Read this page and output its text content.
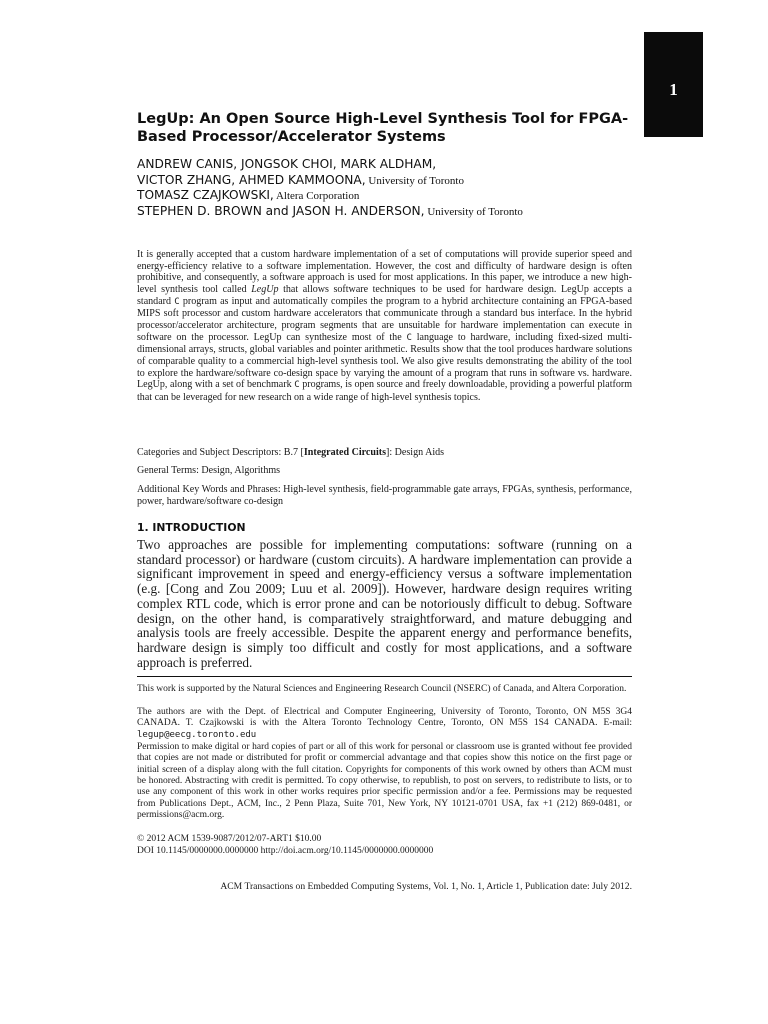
1
LegUp: An Open Source High-Level Synthesis Tool for FPGA-Based Processor/Accelerator Systems
ANDREW CANIS, JONGSOK CHOI, MARK ALDHAM,
VICTOR ZHANG, AHMED KAMMOONA, University of Toronto
TOMASZ CZAJKOWSKI, Altera Corporation
STEPHEN D. BROWN and JASON H. ANDERSON, University of Toronto

It is generally accepted that a custom hardware implementation of a set of computations will provide superior speed and energy-efficiency relative to a software implementation. However, the cost and difficulty of hardware design is often prohibitive, and consequently, a software approach is used for most applications. In this paper, we introduce a new high-level synthesis tool called LegUp that allows software techniques to be used for hardware design. LegUp accepts a standard C program as input and automatically compiles the program to a hybrid architecture containing an FPGA-based MIPS soft processor and custom hardware accelerators that communicate through a standard bus interface. In the hybrid processor/accelerator architecture, program segments that are unsuitable for hardware implementation can execute in software on the processor. LegUp can synthesize most of the C language to hardware, including fixed-sized multi-dimensional arrays, structs, global variables and pointer arithmetic. Results show that the tool produces hardware solutions of comparable quality to a commercial high-level synthesis tool. We also give results demonstrating the ability of the tool to explore the hardware/software co-design space by varying the amount of a program that runs in software vs. hardware. LegUp, along with a set of benchmark C programs, is open source and freely downloadable, providing a powerful platform that can be leveraged for new research on a wide range of high-level synthesis topics.

Categories and Subject Descriptors: B.7 [Integrated Circuits]: Design Aids

General Terms: Design, Algorithms

Additional Key Words and Phrases: High-level synthesis, field-programmable gate arrays, FPGAs, synthesis, performance, power, hardware/software co-design

1. INTRODUCTION

Two approaches are possible for implementing computations: software (running on a standard processor) or hardware (custom circuits). A hardware implementation can provide a significant improvement in speed and energy-efficiency versus a software implementation (e.g. [Cong and Zou 2009; Luu et al. 2009]). However, hardware design requires writing complex RTL code, which is error prone and can be notoriously difficult to debug. Software design, on the other hand, is comparatively straightforward, and mature debugging and analysis tools are freely accessible. Despite the apparent energy and performance benefits, hardware design is simply too difficult and costly for most applications, and a software approach is preferred.

This work is supported by the Natural Sciences and Engineering Research Council (NSERC) of Canada, and Altera Corporation.

The authors are with the Dept. of Electrical and Computer Engineering, University of Toronto, Toronto, ON M5S 3G4 CANADA. T. Czajkowski is with the Altera Toronto Technology Centre, Toronto, ON M5S 1S4 CANADA. E-mail: legup@eecg.toronto.edu

Permission to make digital or hard copies of part or all of this work for personal or classroom use is granted without fee provided that copies are not made or distributed for profit or commercial advantage and that copies show this notice on the first page or initial screen of a display along with the full citation. Copyrights for components of this work owned by others than ACM must be honored. Abstracting with credit is permitted. To copy otherwise, to republish, to post on servers, to redistribute to lists, or to use any component of this work in other works requires prior specific permission and/or a fee. Permissions may be requested from Publications Dept., ACM, Inc., 2 Penn Plaza, Suite 701, New York, NY 10121-0701 USA, fax +1 (212) 869-0481, or permissions@acm.org.

© 2012 ACM 1539-9087/2012/07-ART1 $10.00

DOI 10.1145/0000000.0000000 http://doi.acm.org/10.1145/0000000.0000000

ACM Transactions on Embedded Computing Systems, Vol. 1, No. 1, Article 1, Publication date: July 2012.
